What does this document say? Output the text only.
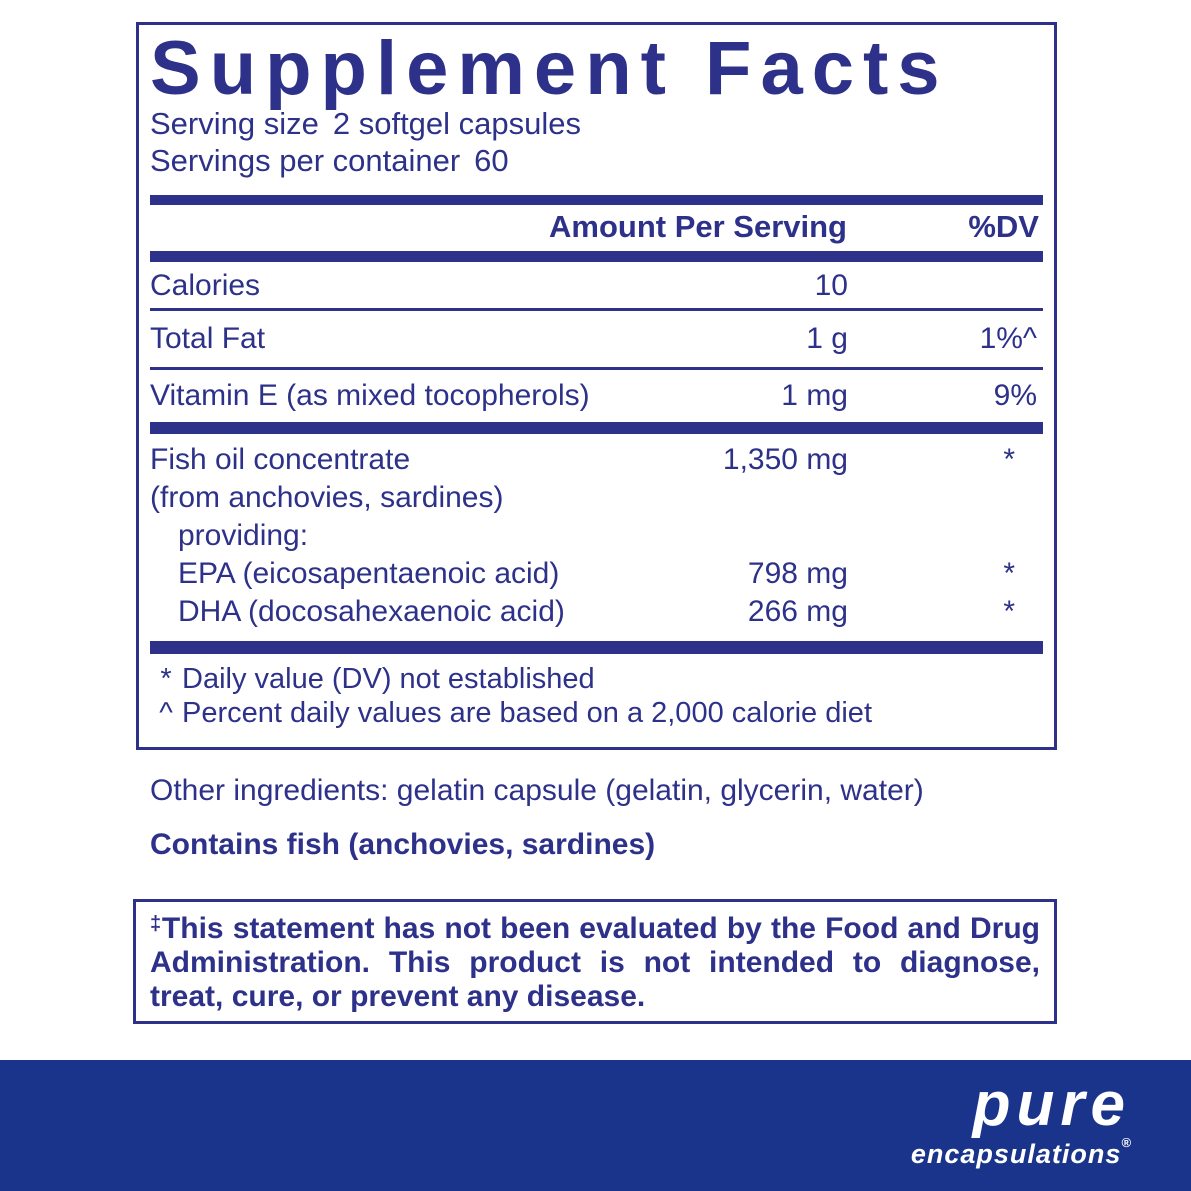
Supplement Facts
Serving size 2 softgel capsules
Servings per container 60
Amount Per Serving	%DV
Calories	10
Total Fat	1 g	1%^
Vitamin E (as mixed tocopherols)	1 mg	9%
Fish oil concentrate	1,350 mg	*
(from anchovies, sardines)
providing:
EPA (eicosapentaenoic acid)	798 mg	*
DHA (docosahexaenoic acid)	266 mg	*
* Daily value (DV) not established
^ Percent daily values are based on a 2,000 calorie diet
Other ingredients: gelatin capsule (gelatin, glycerin, water)
Contains fish (anchovies, sardines)
‡This statement has not been evaluated by the Food and Drug Administration. This product is not intended to diagnose, treat, cure, or prevent any disease.
pure
encapsulations®
